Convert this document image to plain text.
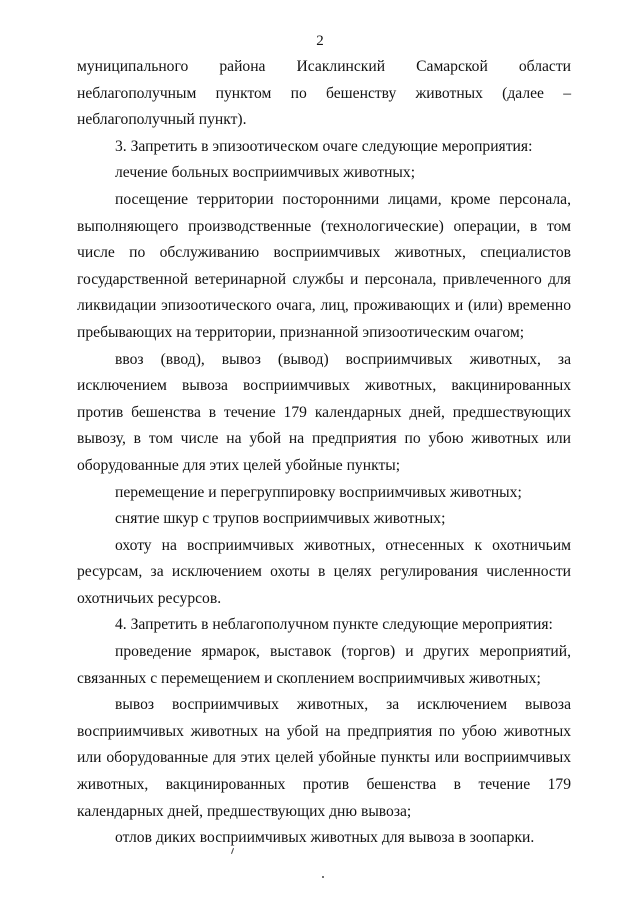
2

муниципального района Исаклинский Самарской области неблагополучным пунктом по бешенству животных (далее – неблагополучный пункт).

3. Запретить в эпизоотическом очаге следующие мероприятия:

лечение больных восприимчивых животных;

посещение территории посторонними лицами, кроме персонала, выполняющего производственные (технологические) операции, в том числе по обслуживанию восприимчивых животных, специалистов государственной ветеринарной службы и персонала, привлеченного для ликвидации эпизоотического очага, лиц, проживающих и (или) временно пребывающих на территории, признанной эпизоотическим очагом;

ввоз (ввод), вывоз (вывод) восприимчивых животных, за исключением вывоза восприимчивых животных, вакцинированных против бешенства в течение 179 календарных дней, предшествующих вывозу, в том числе на убой на предприятия по убою животных или оборудованные для этих целей убойные пункты;

перемещение и перегруппировку восприимчивых животных;

снятие шкур с трупов восприимчивых животных;

охоту на восприимчивых животных, отнесенных к охотничьим ресурсам, за исключением охоты в целях регулирования численности охотничьих ресурсов.

4. Запретить в неблагополучном пункте следующие мероприятия:

проведение ярмарок, выставок (торгов) и других мероприятий, связанных с перемещением и скоплением восприимчивых животных;

вывоз восприимчивых животных, за исключением вывоза восприимчивых животных на убой на предприятия по убою животных или оборудованные для этих целей убойные пункты или восприимчивых животных, вакцинированных против бешенства в течение 179 календарных дней, предшествующих дню вывоза;

отлов диких восприимчивых животных для вывоза в зоопарки.
